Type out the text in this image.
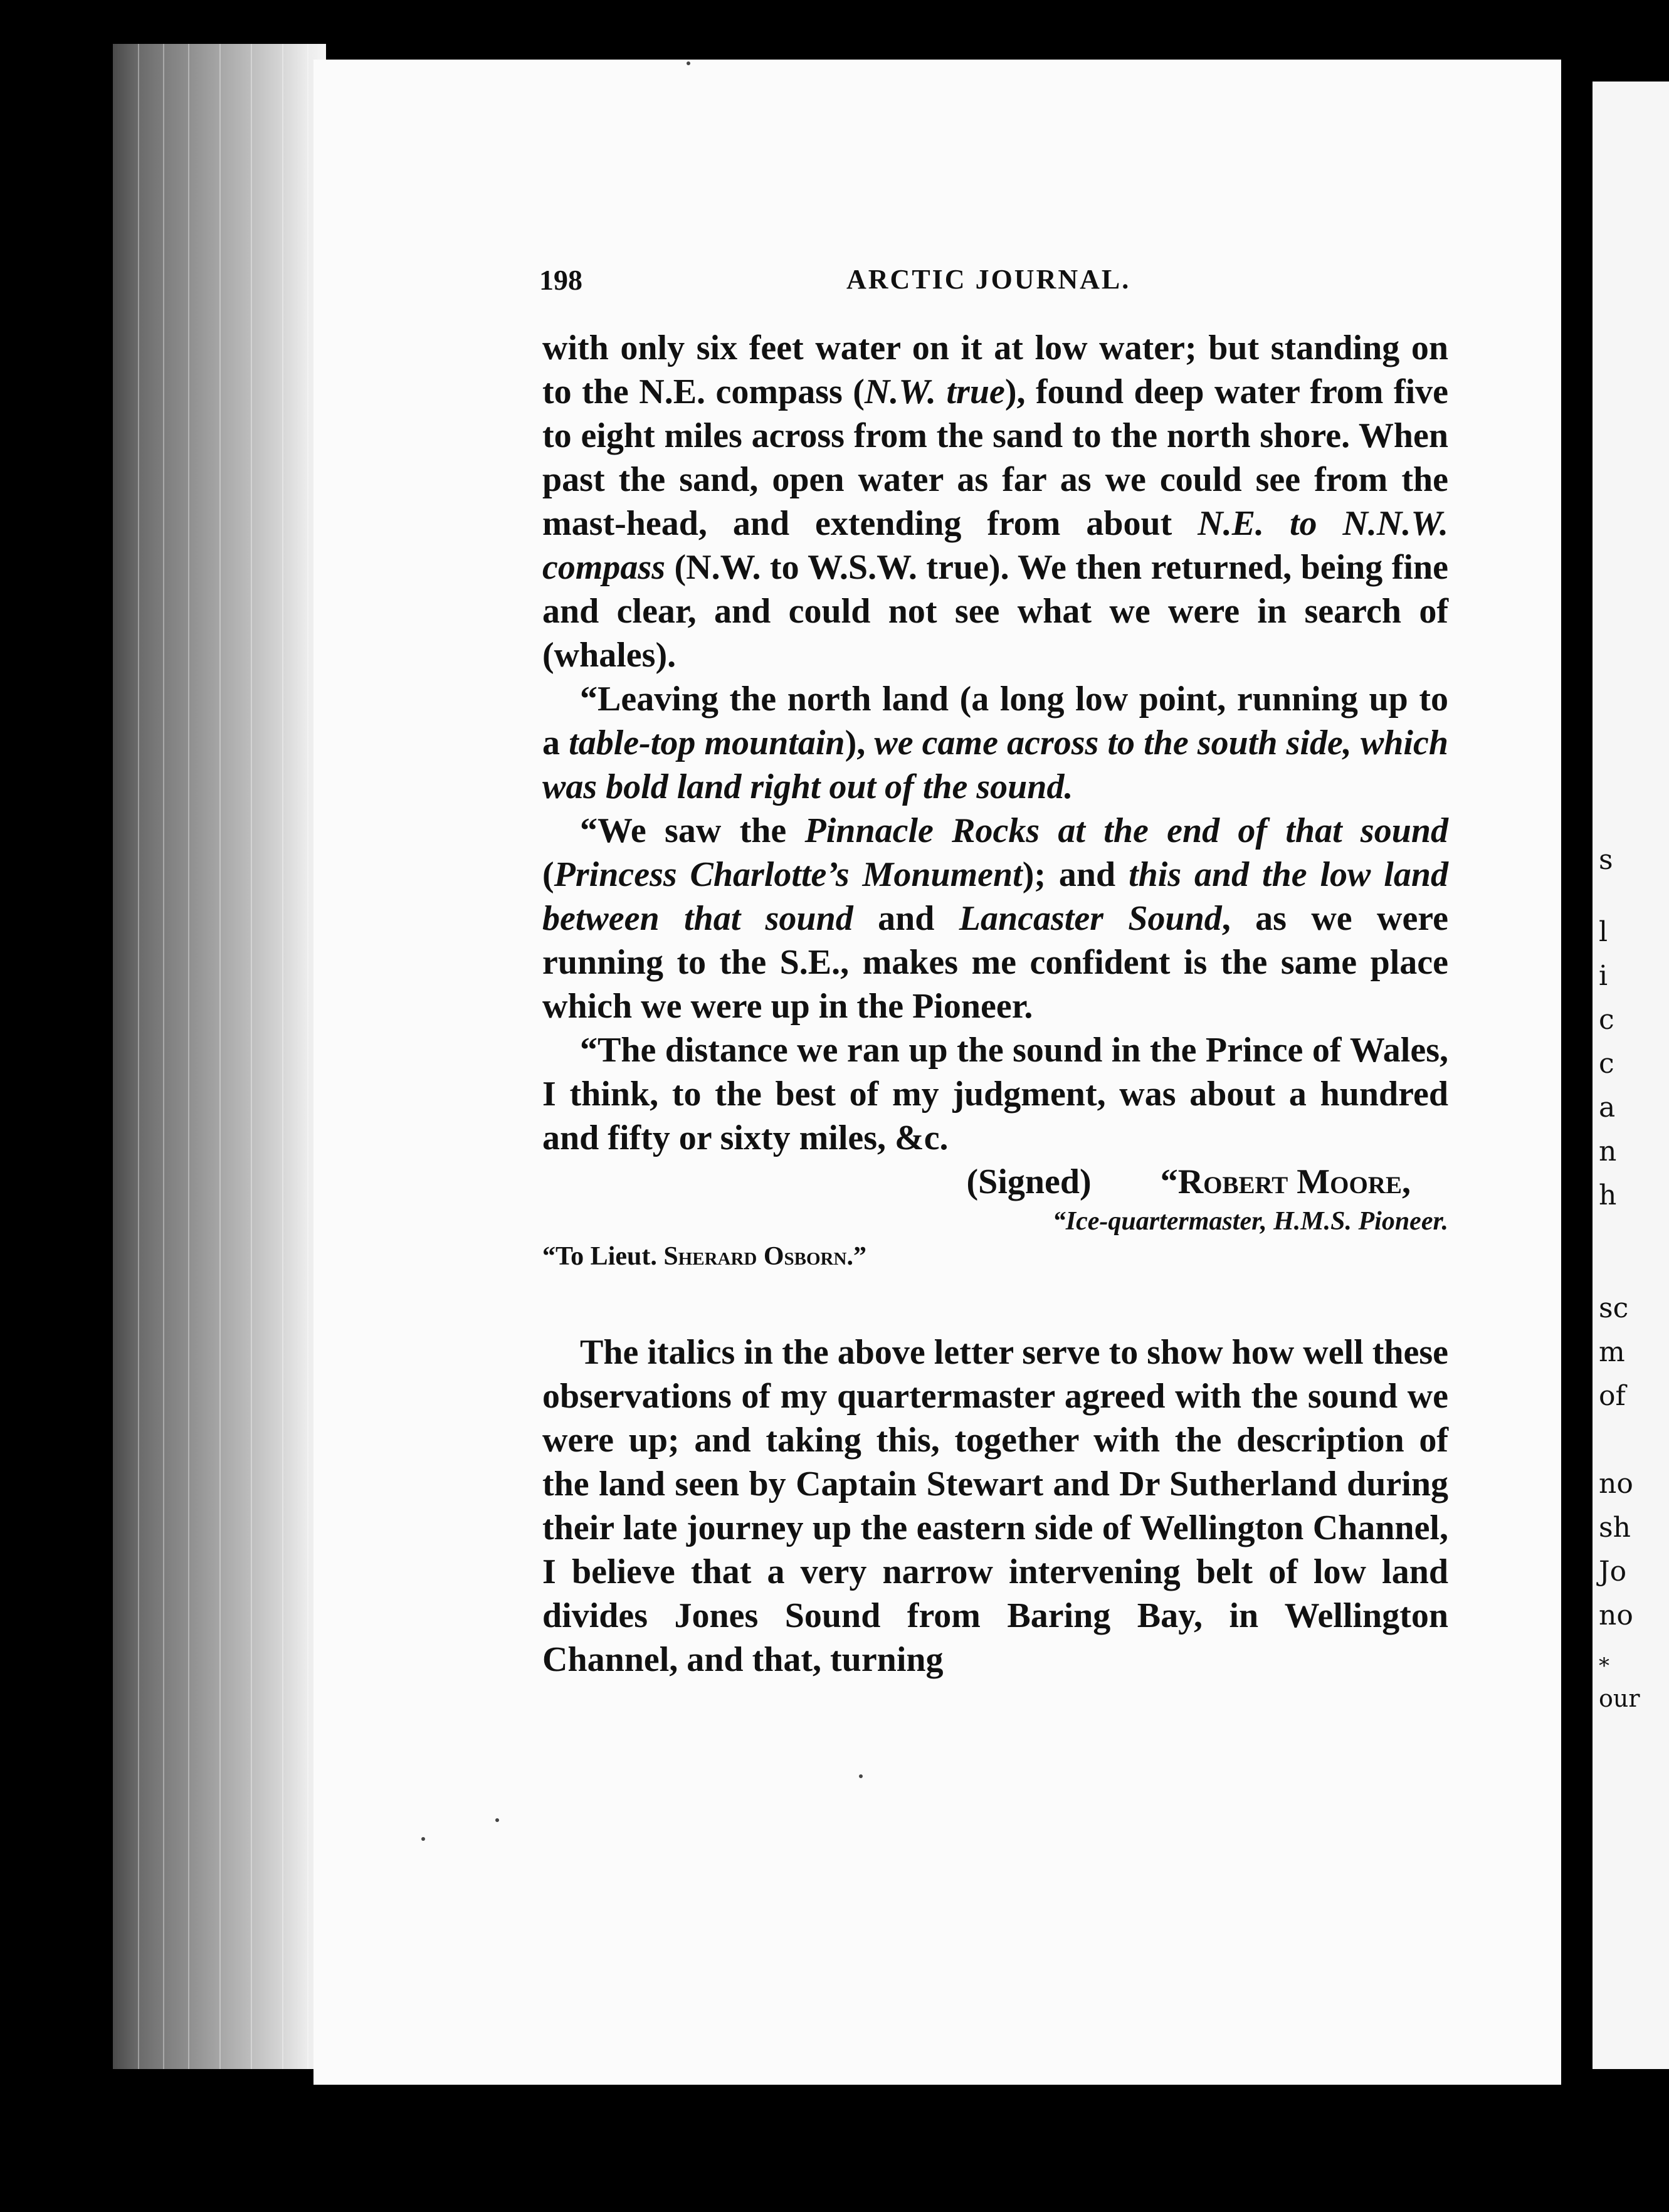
s
l
i
c
c
a
n
h
sc
m
of
no
sh
Jo
no
*
our
198	ARCTIC JOURNAL.

with only six feet water on it at low water; but standing on to the N.E. compass (N.W. true), found deep water from five to eight miles across from the sand to the north shore. When past the sand, open water as far as we could see from the mast-head, and extending from about N.E. to N.N.W. compass (N.W. to W.S.W. true). We then returned, being fine and clear, and could not see what we were in search of (whales).

“Leaving the north land (a long low point, running up to a table-top mountain), we came across to the south side, which was bold land right out of the sound.

“We saw the Pinnacle Rocks at the end of that sound (Princess Charlotte’s Monument); and this and the low land between that sound and Lancaster Sound, as we were running to the S.E., makes me confident is the same place which we were up in the Pioneer.

“The distance we ran up the sound in the Prince of Wales, I think, to the best of my judgment, was about a hundred and fifty or sixty miles, &c.

(Signed) “Robert Moore,

“Ice-quartermaster, H.M.S. Pioneer.

“To Lieut. Sherard Osborn.”

The italics in the above letter serve to show how well these observations of my quartermaster agreed with the sound we were up; and taking this, together with the description of the land seen by Captain Stewart and Dr Sutherland during their late journey up the eastern side of Wellington Channel, I believe that a very narrow intervening belt of low land divides Jones Sound from Baring Bay, in Wellington Channel, and that, turning
